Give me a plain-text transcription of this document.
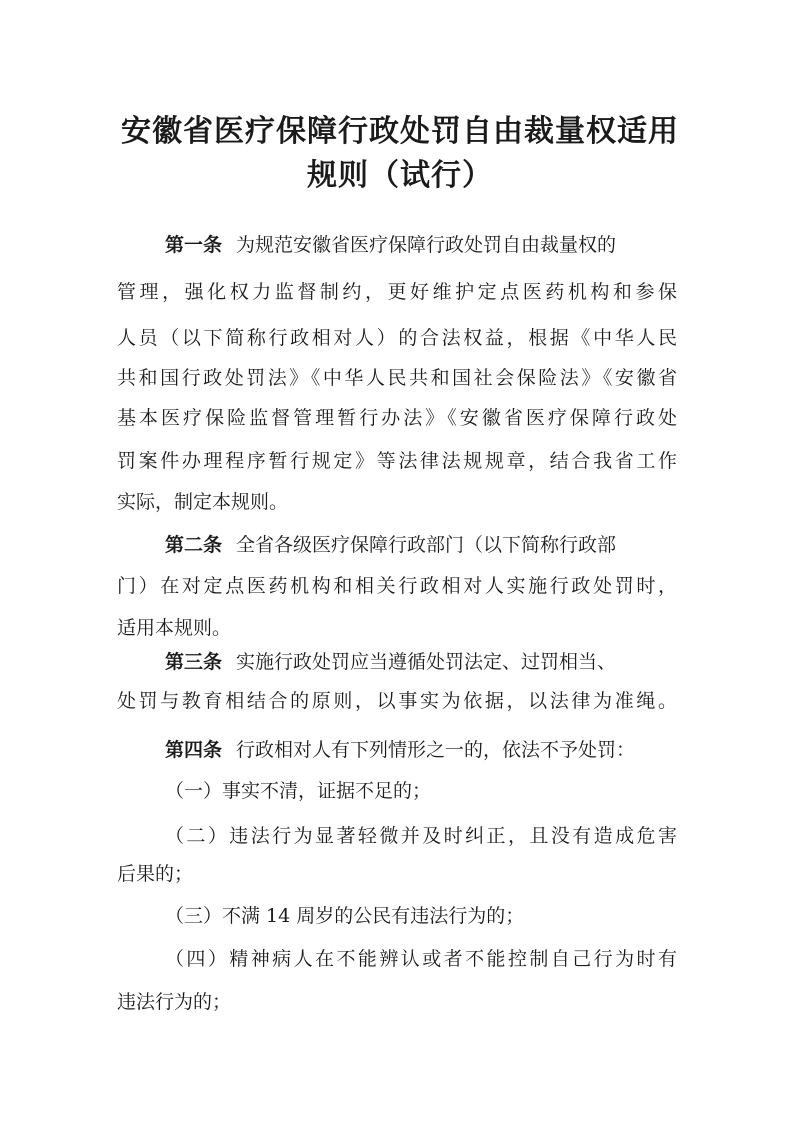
安徽省医疗保障行政处罚自由裁量权适用
规则（试行）

第一条 为规范安徽省医疗保障行政处罚自由裁量权的

管理，强化权力监督制约，更好维护定点医药机构和参保

人员（以下简称行政相对人）的合法权益，根据《中华人民

共和国行政处罚法》《中华人民共和国社会保险法》《安徽省

基本医疗保险监督管理暂行办法》《安徽省医疗保障行政处

罚案件办理程序暂行规定》等法律法规规章，结合我省工作

实际，制定本规则。

第二条 全省各级医疗保障行政部门（以下简称行政部

门）在对定点医药机构和相关行政相对人实施行政处罚时，

适用本规则。

第三条 实施行政处罚应当遵循处罚法定、过罚相当、

处罚与教育相结合的原则，以事实为依据，以法律为准绳。

第四条 行政相对人有下列情形之一的，依法不予处罚：

（一）事实不清，证据不足的；

（二）违法行为显著轻微并及时纠正，且没有造成危害

后果的；

（三）不满 14 周岁的公民有违法行为的；

（四）精神病人在不能辨认或者不能控制自己行为时有

违法行为的；
